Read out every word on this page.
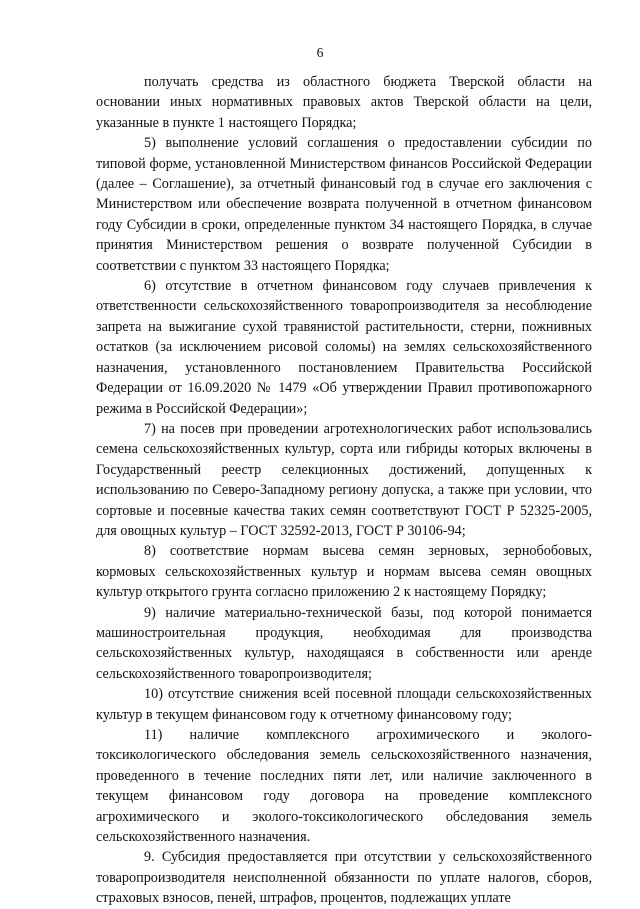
6

получать средства из областного бюджета Тверской области на основании иных нормативных правовых актов Тверской области на цели, указанные в пункте 1 настоящего Порядка;

5) выполнение условий соглашения о предоставлении субсидии по типовой форме, установленной Министерством финансов Российской Федерации (далее – Соглашение), за отчетный финансовый год в случае его заключения с Министерством или обеспечение возврата полученной в отчетном финансовом году Субсидии в сроки, определенные пунктом 34 настоящего Порядка, в случае принятия Министерством решения о возврате полученной Субсидии в соответствии с пунктом 33 настоящего Порядка;

6) отсутствие в отчетном финансовом году случаев привлечения к ответственности сельскохозяйственного товаропроизводителя за несоблюдение запрета на выжигание сухой травянистой растительности, стерни, пожнивных остатков (за исключением рисовой соломы) на землях сельскохозяйственного назначения, установленного постановлением Правительства Российской Федерации от 16.09.2020 № 1479 «Об утверждении Правил противопожарного режима в Российской Федерации»;

7) на посев при проведении агротехнологических работ использовались семена сельскохозяйственных культур, сорта или гибриды которых включены в Государственный реестр селекционных достижений, допущенных к использованию по Северо-Западному региону допуска, а также при условии, что сортовые и посевные качества таких семян соответствуют ГОСТ Р 52325-2005, для овощных культур – ГОСТ 32592-2013, ГОСТ Р 30106-94;

8) соответствие нормам высева семян зерновых, зернобобовых, кормовых сельскохозяйственных культур и нормам высева семян овощных культур открытого грунта согласно приложению 2 к настоящему Порядку;

9) наличие материально-технической базы, под которой понимается машиностроительная продукция, необходимая для производства сельскохозяйственных культур, находящаяся в собственности или аренде сельскохозяйственного товаропроизводителя;

10) отсутствие снижения всей посевной площади сельскохозяйственных культур в текущем финансовом году к отчетному финансовому году;

11) наличие комплексного агрохимического и эколого-токсикологического обследования земель сельскохозяйственного назначения, проведенного в течение последних пяти лет, или наличие заключенного в текущем финансовом году договора на проведение комплексного агрохимического и эколого-токсикологического обследования земель сельскохозяйственного назначения.

9. Субсидия предоставляется при отсутствии у сельскохозяйственного товаропроизводителя неисполненной обязанности по уплате налогов, сборов, страховых взносов, пеней, штрафов, процентов, подлежащих уплате
